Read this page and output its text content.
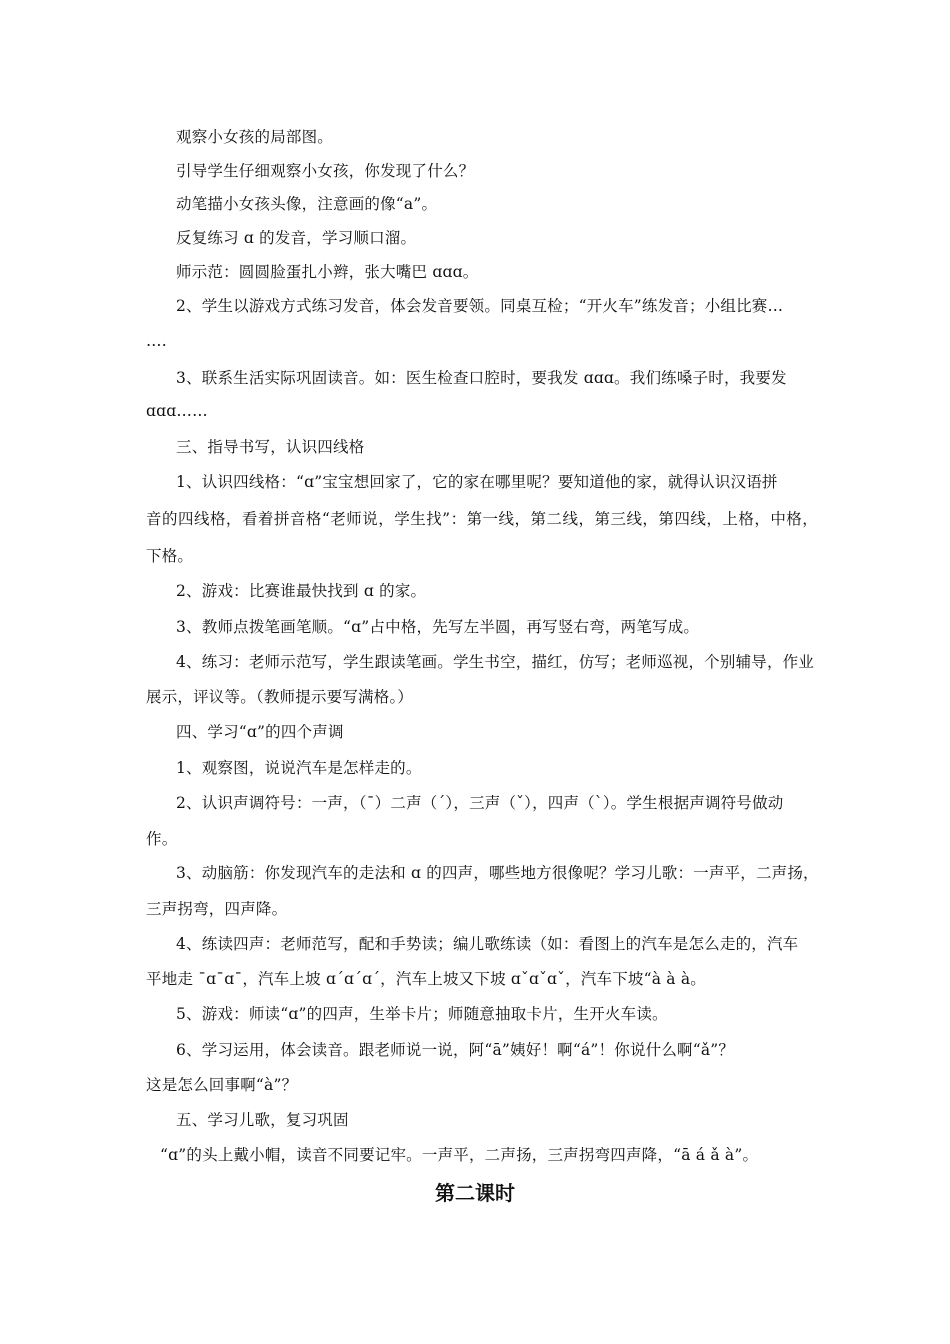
观察小女孩的局部图。
引导学生仔细观察小女孩，你发现了什么？
动笔描小女孩头像，注意画的像“a”。
反复练习 ɑ 的发音，学习顺口溜。
师示范：圆圆脸蛋扎小辫，张大嘴巴 ɑɑɑ。
2、学生以游戏方式练习发音，体会发音要领。同桌互检；“开火车”练发音；小组比赛…
….
3、联系生活实际巩固读音。如：医生检查口腔时，要我发 ɑɑɑ。我们练嗓子时，我要发
ɑɑɑ……
三、指导书写，认识四线格
1、认识四线格：“ɑ”宝宝想回家了，它的家在哪里呢？要知道他的家，就得认识汉语拼
音的四线格，看着拼音格“老师说，学生找”：第一线，第二线，第三线，第四线，上格，中格，
下格。
2、游戏：比赛谁最快找到 ɑ 的家。
3、教师点拨笔画笔顺。“ɑ”占中格，先写左半圆，再写竖右弯，两笔写成。
4、练习：老师示范写，学生跟读笔画。学生书空，描红，仿写；老师巡视，个别辅导，作业
展示，评议等。（教师提示要写满格。）
四、学习“ɑ”的四个声调
1、观察图，说说汽车是怎样走的。
2、认识声调符号：一声，（ˉ）二声（ˊ），三声（ˇ），四声（ˋ）。学生根据声调符号做动
作。
3、动脑筋：你发现汽车的走法和 ɑ 的四声，哪些地方很像呢？学习儿歌：一声平，二声扬，
三声拐弯，四声降。
4、练读四声：老师范写，配和手势读；编儿歌练读（如：看图上的汽车是怎么走的，汽车
平地走 ˉɑˉɑˉ，汽车上坡 ɑˊɑˊɑˊ，汽车上坡又下坡 ɑˇɑˇɑˇ，汽车下坡“à à à。
5、游戏：师读“ɑ”的四声，生举卡片；师随意抽取卡片，生开火车读。
6、学习运用，体会读音。跟老师说一说，阿“ā”姨好！啊“á”！你说什么啊“ǎ”？
这是怎么回事啊“à”？
五、学习儿歌，复习巩固
“ɑ”的头上戴小帽，读音不同要记牢。一声平，二声扬，三声拐弯四声降，“ā á ǎ à”。
第二课时
